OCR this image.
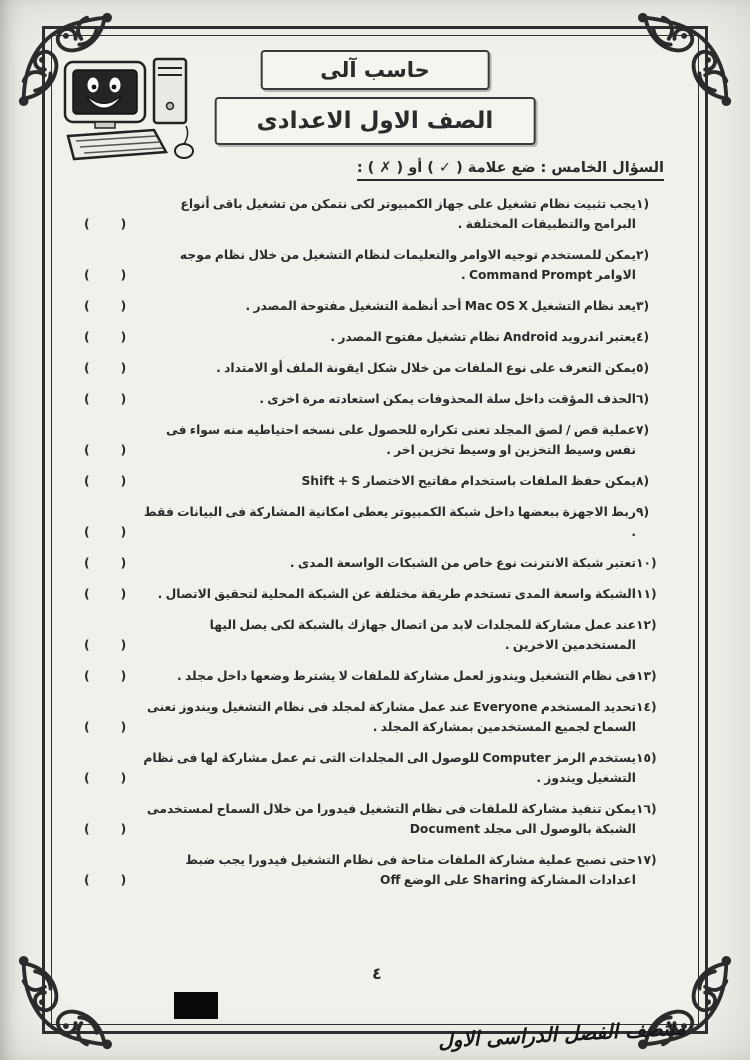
حاسب آلى
الصف الاول الاعدادى
السؤال الخامس : ضع علامة ( ✓ ) أو ( ✗ ) :
١)
يجب تثبيت نظام تشغيل على جهاز الكمبيوتر لكى نتمكن من تشغيل باقى أنواع البرامج والتطبيقات المختلفة .
(       )
٢)
يمكن للمستخدم توجيه الاوامر والتعليمات لنظام التشغيل من خلال نظام موجه الاوامر Command Prompt .
(       )
٣)
يعد نظام التشغيل Mac OS X أحد أنظمة التشغيل مفتوحة المصدر .
(       )
٤)
يعتبر اندرويد Android نظام تشغيل مفتوح المصدر .
(       )
٥)
يمكن التعرف على نوع الملفات من خلال شكل ايقونة الملف أو الامتداد .
(       )
٦)
الحذف المؤقت داخل سلة المحذوفات يمكن استعادته مرة اخرى .
(       )
٧)
عملية قص / لصق المجلد تعنى تكراره للحصول على نسخه احتياطيه منه سواء فى نفس وسيط التخزين او وسيط تخزين اخر .
(       )
٨)
يمكن حفظ الملفات باستخدام مفاتيح الاختصار Shift + S
(       )
٩)
ربط الاجهزة ببعضها داخل شبكة الكمبيوتر يعطى امكانية المشاركة فى البيانات فقط .
(       )
١٠)
تعتبر شبكة الانترنت نوع خاص من الشبكات الواسعة المدى .
(       )
١١)
الشبكة واسعة المدى تستخدم طريقة مختلفة عن الشبكة المحلية لتحقيق الاتصال .
(       )
١٢)
عند عمل مشاركة للمجلدات لابد من اتصال جهازك بالشبكة لكى يصل اليها المستخدمين الاخرين .
(       )
١٣)
فى نظام التشغيل ويندوز لعمل مشاركة للملفات لا يشترط وضعها داخل مجلد .
(       )
١٤)
تحديد المستخدم Everyone عند عمل مشاركة لمجلد فى نظام التشغيل ويندوز تعنى السماح لجميع المستخدمين بمشاركة المجلد .
(       )
١٥)
يستخدم الرمز Computer للوصول الى المجلدات التى تم عمل مشاركة لها فى نظام التشغيل ويندوز .
(       )
١٦)
يمكن تنفيذ مشاركة للملفات فى نظام التشغيل فيدورا من خلال السماح لمستخدمى الشبكة بالوصول الى مجلد Document
(       )
١٧)
حتى تصبح عملية مشاركة الملفات متاحة فى نظام التشغيل فيدورا يجب ضبط اعدادات المشاركة Sharing على الوضع Off
(       )
٤
منتصف الفصل الدراسى الاول
